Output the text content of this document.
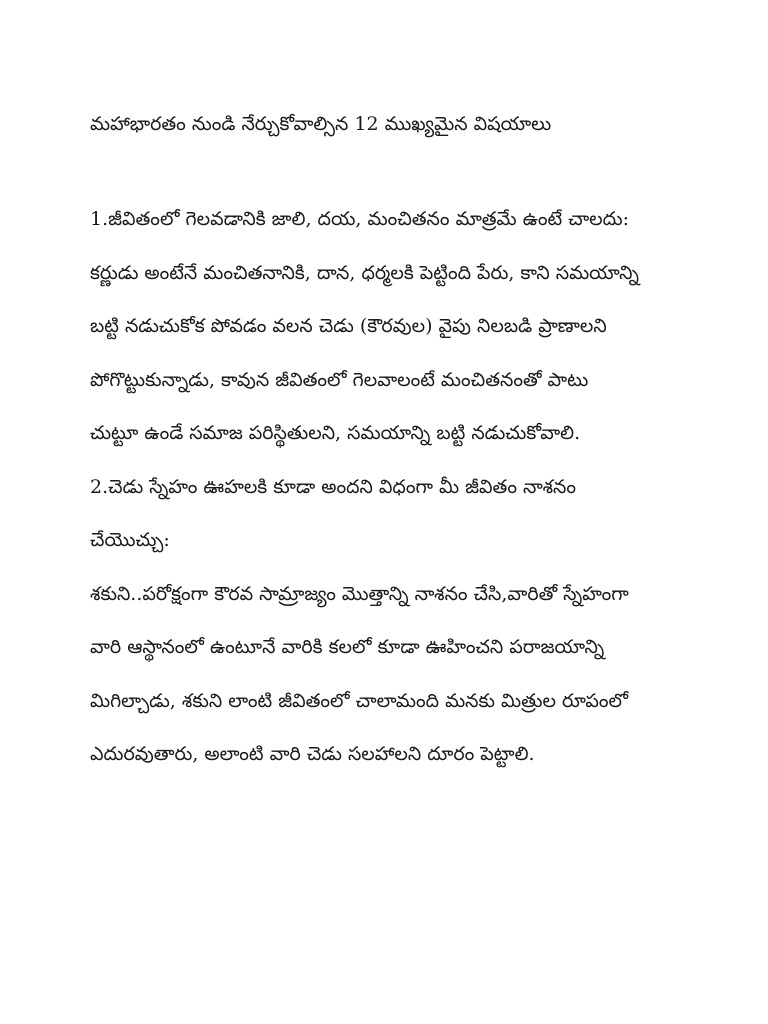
మహాభారతం నుండి నేర్చుకోవాల్సిన 12 ముఖ్యమైన విషయాలు
1.జీవితంలో గెలవడానికి జాలి, దయ, మంచితనం మాత్రమే ఉంటే చాలదు:
కర్ణుడు అంటేనే మంచితనానికి, దాన, ధర్మలకి పెట్టింది పేరు, కాని సమయాన్ని
బట్టి నడుచుకోక పోవడం వలన చెడు (కౌరవుల) వైపు నిలబడి ప్రాణాలని
పోగొట్టుకున్నాడు, కావున జీవితంలో గెలవాలంటే మంచితనంతో పాటు
చుట్టూ ఉండే సమాజ పరిస్థితులని, సమయాన్ని బట్టి నడుచుకోవాలి.
2.చెడు స్నేహం ఊహలకి కూడా అందని విధంగా మీ జీవితం నాశనం
చేయొచ్చు:
శకుని..పరోక్షంగా కౌరవ సామ్రాజ్యం మొత్తాన్ని నాశనం చేసి,వారితో స్నేహంగా
వారి ఆస్థానంలో ఉంటూనే వారికి కలలో కూడా ఊహించని పరాజయాన్ని
మిగిల్చాడు, శకుని లాంటి జీవితంలో చాలామంది మనకు మిత్రుల రూపంలో
ఎదురవుతారు, అలాంటి వారి చెడు సలహాలని దూరం పెట్టాలి.
